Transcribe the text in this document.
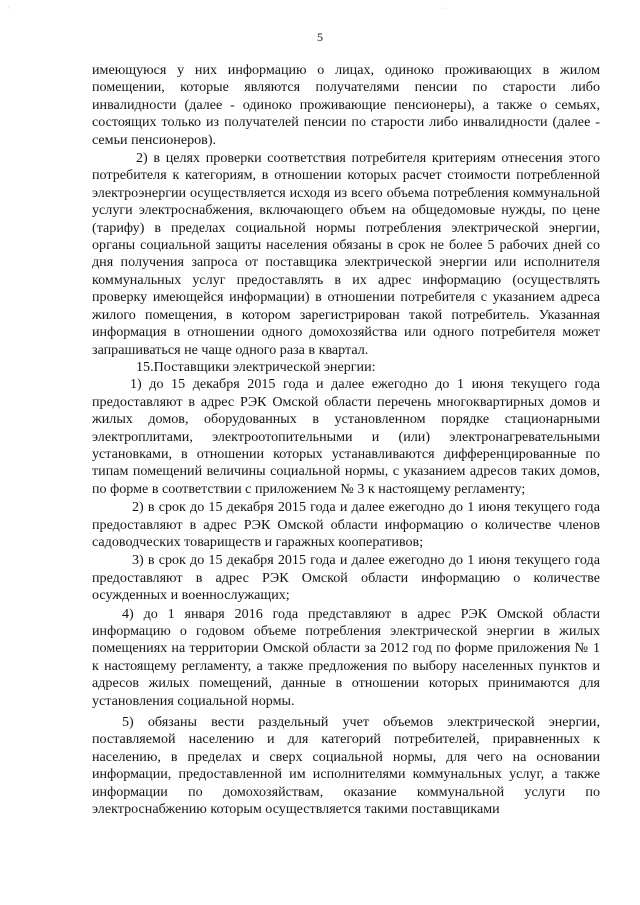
' ·	· · ·
5

имеющуюся у них информацию о лицах, одиноко проживающих в жилом помещении, которые являются получателями пенсии по старости либо инвалидности (далее - одиноко проживающие пенсионеры), а также о семьях, состоящих только из получателей пенсии по старости либо инвалидности (далее - семьи пенсионеров).

2) в целях проверки соответствия потребителя критериям отнесения этого потребителя к категориям, в отношении которых расчет стоимости потребленной электроэнергии осуществляется исходя из всего объема потребления коммунальной услуги электроснабжения, включающего объем на общедомовые нужды, по цене (тарифу) в пределах социальной нормы потребления электрической энергии, органы социальной защиты населения обязаны в срок не более 5 рабочих дней со дня получения запроса от поставщика электрической энергии или исполнителя коммунальных услуг предоставлять в их адрес информацию (осуществлять проверку имеющейся информации) в отношении потребителя с указанием адреса жилого помещения, в котором зарегистрирован такой потребитель. Указанная информация в отношении одного домохозяйства или одного потребителя может запрашиваться не чаще одного раза в квартал.

15.Поставщики электрической энергии:

1) до 15 декабря 2015 года и далее ежегодно до 1 июня текущего года предоставляют в адрес РЭК Омской области перечень многоквартирных домов и жилых домов, оборудованных в установленном порядке стационарными электроплитами, электроотопительными и (или) электронагревательными установками, в отношении которых устанавливаются дифференцированные по типам помещений величины социальной нормы, с указанием адресов таких домов, по форме в соответствии с приложением № 3 к настоящему регламенту;

2) в срок до 15 декабря 2015 года и далее ежегодно до 1 июня текущего года предоставляют в адрес РЭК Омской области информацию о количестве членов садоводческих товариществ и гаражных кооперативов;

3) в срок до 15 декабря 2015 года и далее ежегодно до 1 июня текущего года предоставляют в адрес РЭК Омской области информацию о количестве осужденных и военнослужащих;

4) до 1 января 2016 года представляют в адрес РЭК Омской области информацию о годовом объеме потребления электрической энергии в жилых помещениях на территории Омской области за 2012 год по форме приложения № 1 к настоящему регламенту, а также предложения по выбору населенных пунктов и адресов жилых помещений, данные в отношении которых принимаются для установления социальной нормы.

5) обязаны вести раздельный учет объемов электрической энергии, поставляемой населению и для категорий потребителей, приравненных к населению, в пределах и сверх социальной нормы, для чего на основании информации, предоставленной им исполнителями коммунальных услуг, а также информации по домохозяйствам, оказание коммунальной услуги по электроснабжению которым осуществляется такими поставщиками
